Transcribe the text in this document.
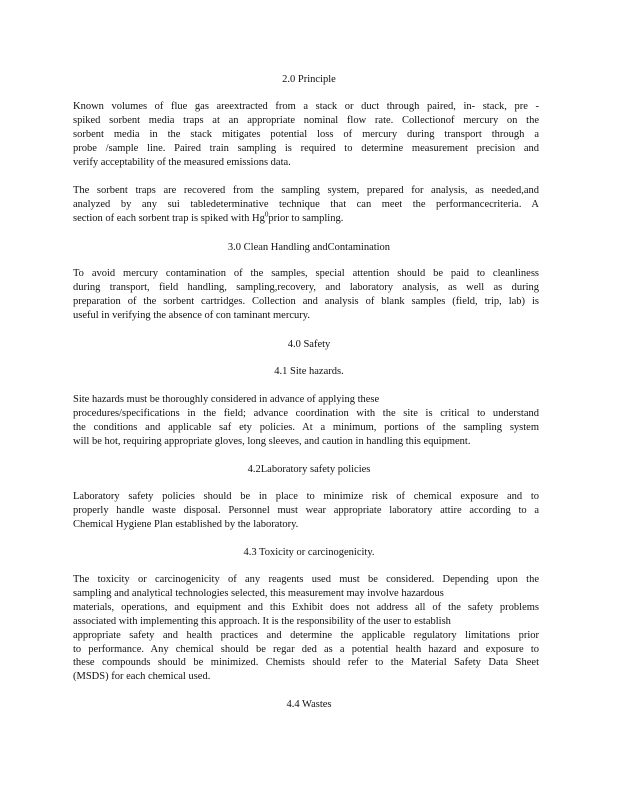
2.0 Principle
Known volumes of flue gas areextracted from a stack or duct through paired, in- stack, pre -
spiked sorbent media traps at an appropriate nominal flow rate. Collectionof mercury on the
sorbent media in the stack mitigates potential loss of mercury during transport through a
probe /sample line. Paired train sampling is required to determine measurement precision and
verify acceptability of the measured emissions data.
The sorbent traps are recovered from the sampling system, prepared for analysis, as needed,and
analyzed by any sui tabledeterminative technique that can meet the performancecriteria. A
section of each sorbent trap is spiked with Hg$^0$prior to sampling.
3.0 Clean Handling andContamination
To avoid mercury contamination of the samples, special attention should be paid to cleanliness
during transport, field handling, sampling,recovery, and laboratory analysis, as well as during
preparation of the sorbent cartridges. Collection and analysis of blank samples (field, trip, lab) is
useful in verifying the absence of con taminant mercury.
4.0 Safety
4.1 Site hazards.
Site hazards must be thoroughly considered in advance of applying these
procedures/specifications in the field; advance coordination with the site is critical to understand
the conditions and applicable saf ety policies. At a minimum, portions of the sampling system
will be hot, requiring appropriate gloves, long sleeves, and caution in handling this equipment.
4.2Laboratory safety policies
Laboratory safety policies should be in place to minimize risk of chemical exposure and to
properly handle waste disposal. Personnel must wear appropriate laboratory attire according to a
Chemical Hygiene Plan established by the laboratory.
4.3 Toxicity or carcinogenicity.
The toxicity or carcinogenicity of any reagents used must be considered. Depending upon the
sampling and analytical technologies selected, this measurement may involve hazardous
materials, operations, and equipment and this Exhibit does not address all of the safety problems
associated with implementing this approach. It is the responsibility of the user to establish
appropriate safety and health practices and determine the applicable regulatory limitations prior
to performance. Any chemical should be regar ded as a potential health hazard and exposure to
these compounds should be minimized. Chemists should refer to the Material Safety Data Sheet
(MSDS) for each chemical used.
4.4 Wastes
